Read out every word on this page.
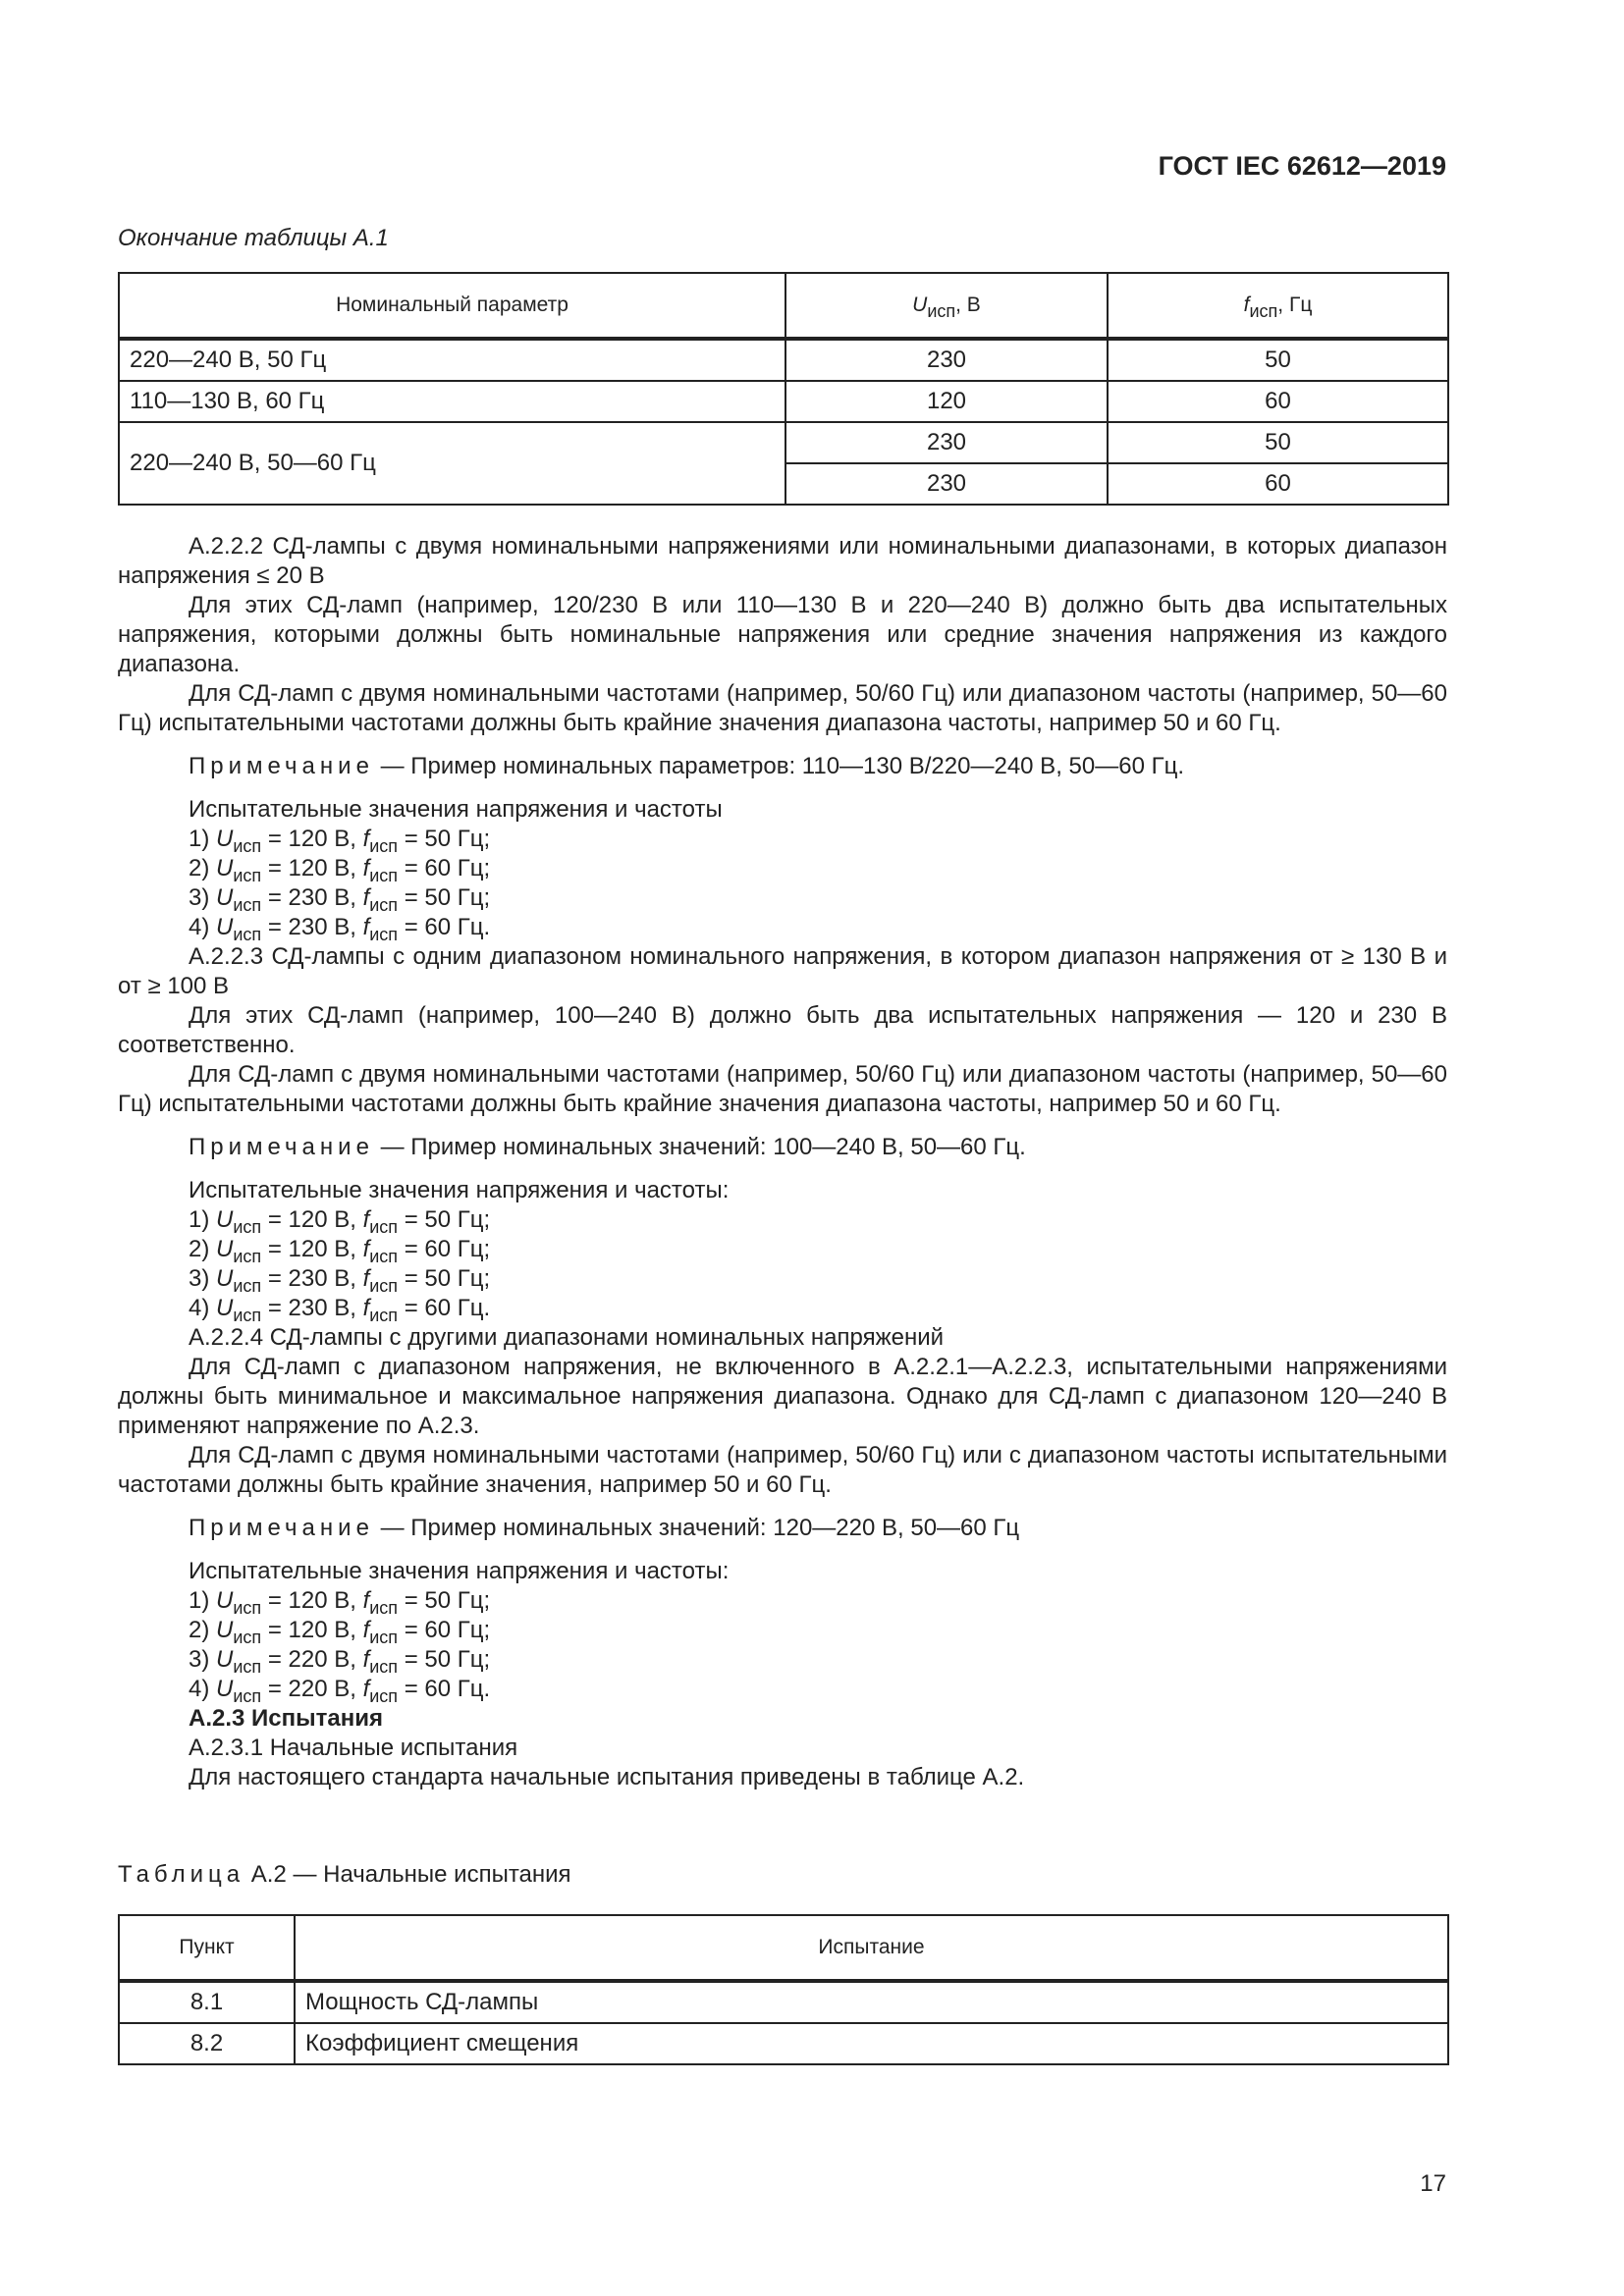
ГОСТ IEC 62612—2019
Окончание таблицы А.1
Номинальный параметр	$U_{исп}$, В	$f_{исп}$, Гц
220—240 В, 50 Гц	230	50
110—130 В, 60 Гц	120	60
220—240 В, 50—60 Гц	230	50
	230	60

А.2.2.2 СД-лампы с двумя номинальными напряжениями или номинальными диапазонами, в которых диапазон напряжения ≤ 20 В

Для этих СД-ламп (например, 120/230 В или 110—130 В и 220—240 В) должно быть два испытательных напряжения, которыми должны быть номинальные напряжения или средние значения напряжения из каждого диапазона.

Для СД-ламп с двумя номинальными частотами (например, 50/60 Гц) или диапазоном частоты (например, 50—60 Гц) испытательными частотами должны быть крайние значения диапазона частоты, например 50 и 60 Гц.

Примечание — Пример номинальных параметров: 110—130 В/220—240 В, 50—60 Гц.

Испытательные значения напряжения и частоты

1) $U_{исп} = 120$ В, $f_{исп} = 50$ Гц;

2) $U_{исп} = 120$ В, $f_{исп} = 60$ Гц;

3) $U_{исп} = 230$ В, $f_{исп} = 50$ Гц;

4) $U_{исп} = 230$ В, $f_{исп} = 60$ Гц.

А.2.2.3 СД-лампы с одним диапазоном номинального напряжения, в котором диапазон напряжения от ≥ 130 В и от ≥ 100 В

Для этих СД-ламп (например, 100—240 В) должно быть два испытательных напряжения — 120 и 230 В соответственно.

Для СД-ламп с двумя номинальными частотами (например, 50/60 Гц) или диапазоном частоты (например, 50—60 Гц) испытательными частотами должны быть крайние значения диапазона частоты, например 50 и 60 Гц.

Примечание — Пример номинальных значений: 100—240 В, 50—60 Гц.

Испытательные значения напряжения и частоты:

1) $U_{исп} = 120$ В, $f_{исп} = 50$ Гц;

2) $U_{исп} = 120$ В, $f_{исп} = 60$ Гц;

3) $U_{исп} = 230$ В, $f_{исп} = 50$ Гц;

4) $U_{исп} = 230$ В, $f_{исп} = 60$ Гц.

А.2.2.4 СД-лампы с другими диапазонами номинальных напряжений

Для СД-ламп с диапазоном напряжения, не включенного в А.2.2.1—А.2.2.3, испытательными напряжениями должны быть минимальное и максимальное напряжения диапазона. Однако для СД-ламп с диапазоном 120—240 В применяют напряжение по А.2.3.

Для СД-ламп с двумя номинальными частотами (например, 50/60 Гц) или с диапазоном частоты испытательными частотами должны быть крайние значения, например 50 и 60 Гц.

Примечание — Пример номинальных значений: 120—220 В, 50—60 Гц

Испытательные значения напряжения и частоты:

1) $U_{исп} = 120$ В, $f_{исп} = 50$ Гц;

2) $U_{исп} = 120$ В, $f_{исп} = 60$ Гц;

3) $U_{исп} = 220$ В, $f_{исп} = 50$ Гц;

4) $U_{исп} = 220$ В, $f_{исп} = 60$ Гц.

А.2.3 Испытания

А.2.3.1 Начальные испытания

Для настоящего стандарта начальные испытания приведены в таблице А.2.

Таблица А.2 — Начальные испытания
Пункт	Испытание
8.1	Мощность СД-лампы
8.2	Коэффициент смещения
17
